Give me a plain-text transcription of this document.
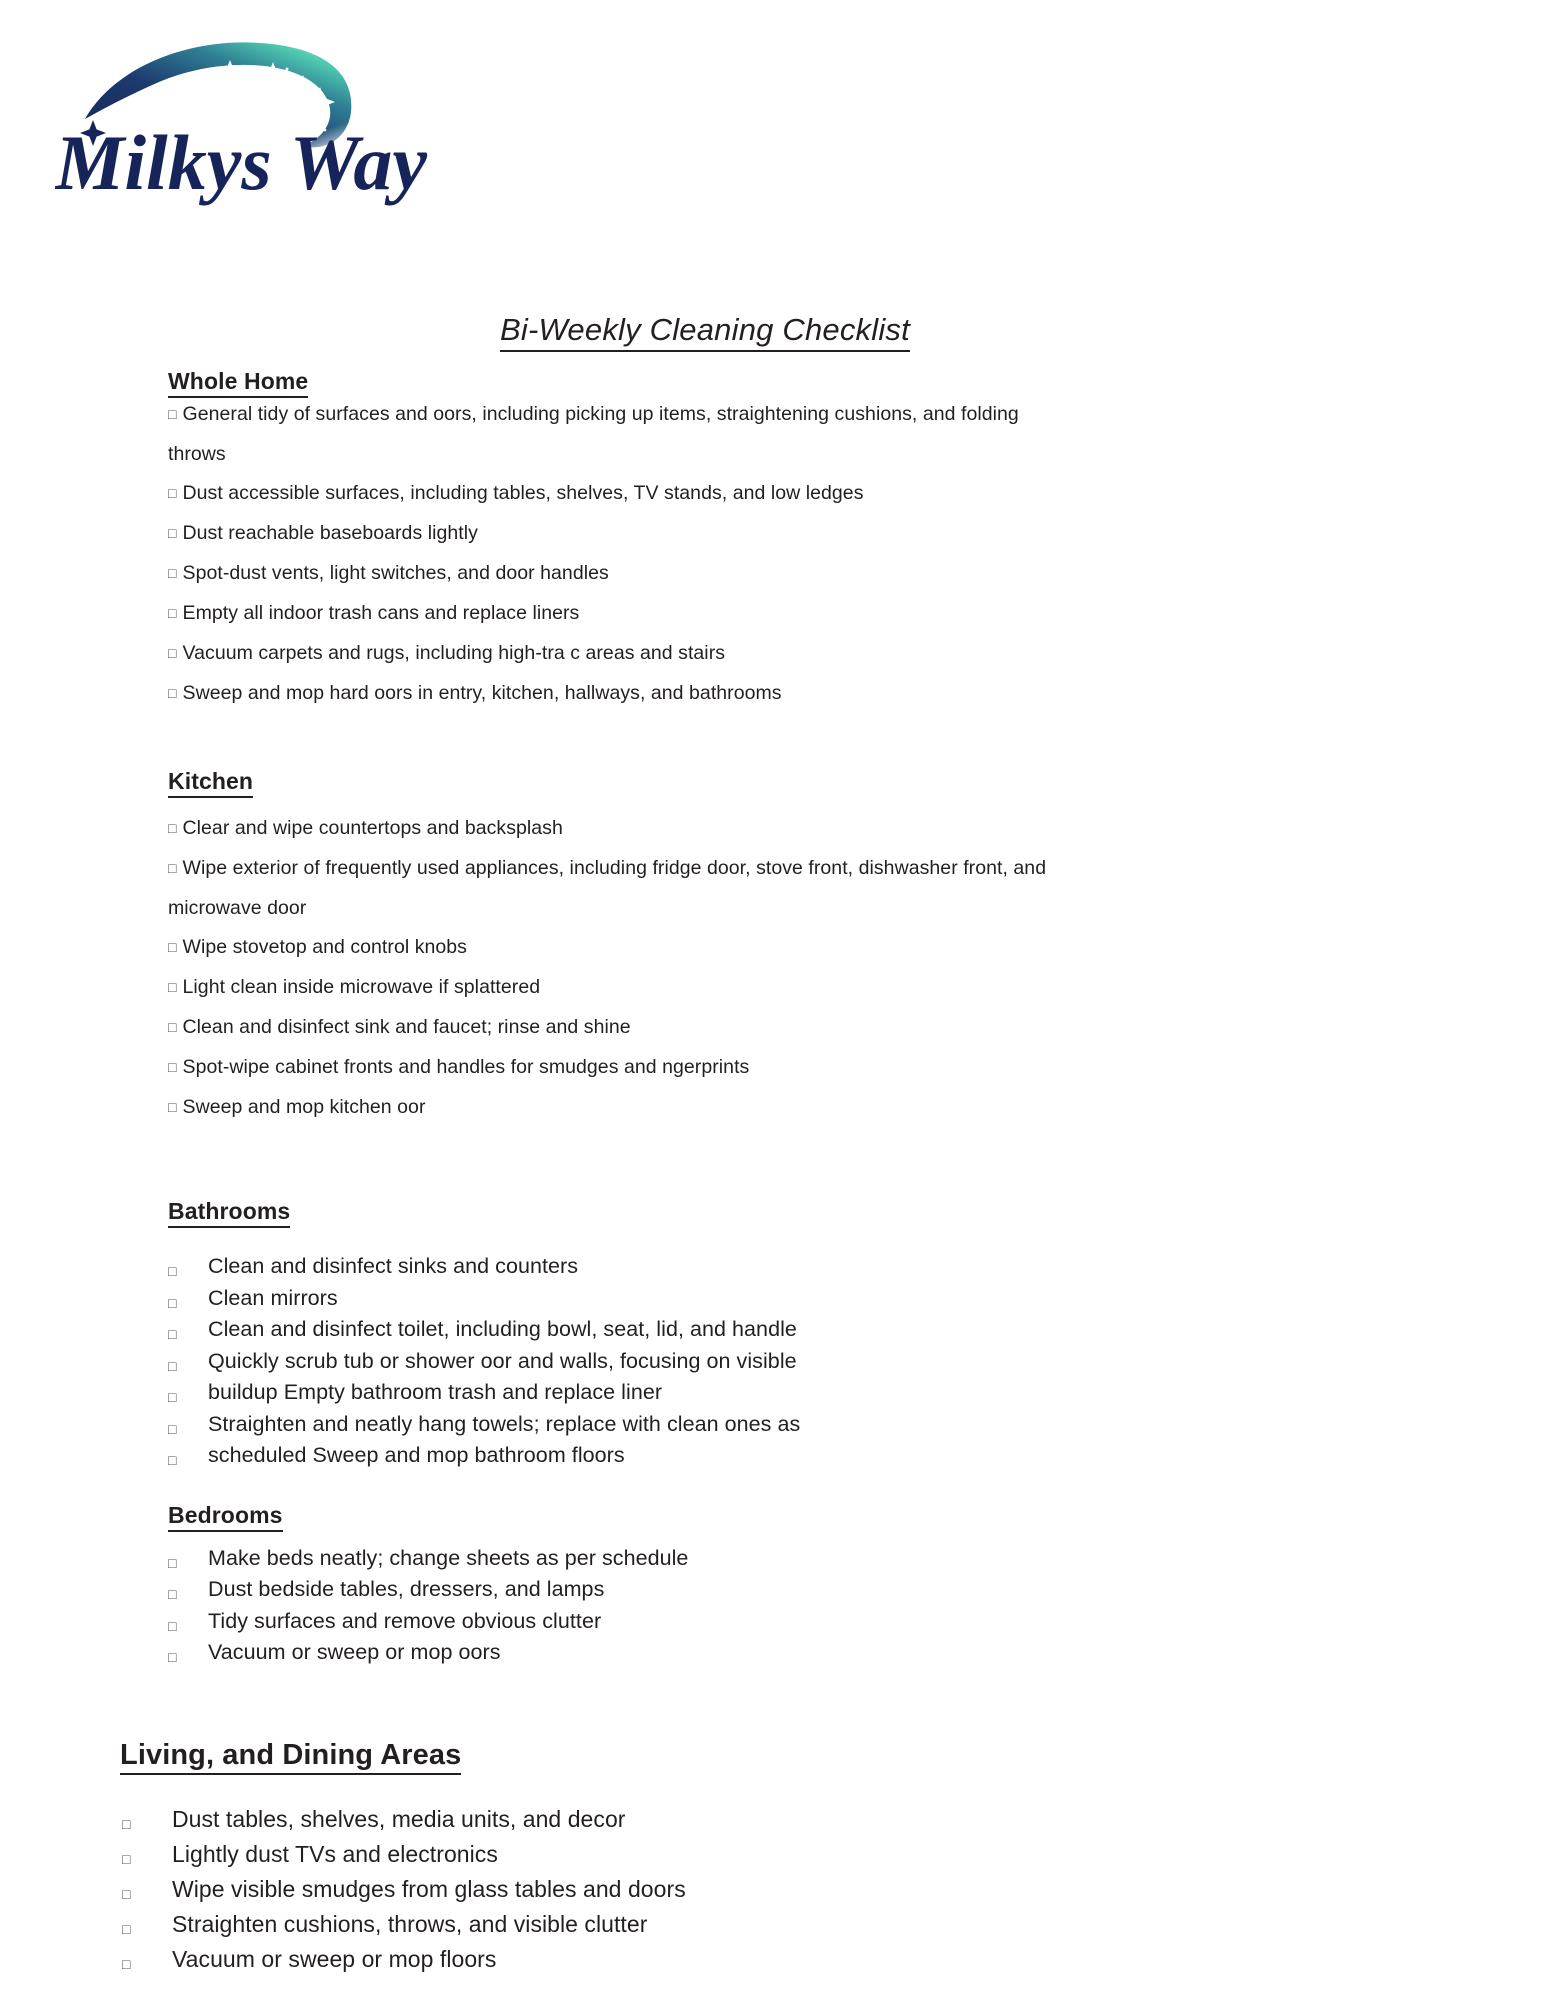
Milkys Way
Bi-Weekly Cleaning Checklist
Whole Home
□ General tidy of surfaces and oors, including picking up items, straightening cushions, and folding throws
□ Dust accessible surfaces, including tables, shelves, TV stands, and low ledges
□ Dust reachable baseboards lightly
□ Spot-dust vents, light switches, and door handles
□ Empty all indoor trash cans and replace liners
□ Vacuum carpets and rugs, including high-tra c areas and stairs
□ Sweep and mop hard oors in entry, kitchen, hallways, and bathrooms
Kitchen
□ Clear and wipe countertops and backsplash
□ Wipe exterior of frequently used appliances, including fridge door, stove front, dishwasher front, and microwave door
□ Wipe stovetop and control knobs
□ Light clean inside microwave if splattered
□ Clean and disinfect sink and faucet; rinse and shine
□ Spot-wipe cabinet fronts and handles for smudges and ngerprints
□ Sweep and mop kitchen oor
Bathrooms
□	Clean and disinfect sinks and counters
□	Clean mirrors
□	Clean and disinfect toilet, including bowl, seat, lid, and handle
□	Quickly scrub tub or shower oor and walls, focusing on visible
□	buildup Empty bathroom trash and replace liner
□	Straighten and neatly hang towels; replace with clean ones as
□	scheduled Sweep and mop bathroom floors
Bedrooms
□	Make beds neatly; change sheets as per schedule
□	Dust bedside tables, dressers, and lamps
□	Tidy surfaces and remove obvious clutter
□	Vacuum or sweep or mop oors
Living, and Dining Areas
□	Dust tables, shelves, media units, and decor
□	Lightly dust TVs and electronics
□	Wipe visible smudges from glass tables and doors
□	Straighten cushions, throws, and visible clutter
□	Vacuum or sweep or mop floors
